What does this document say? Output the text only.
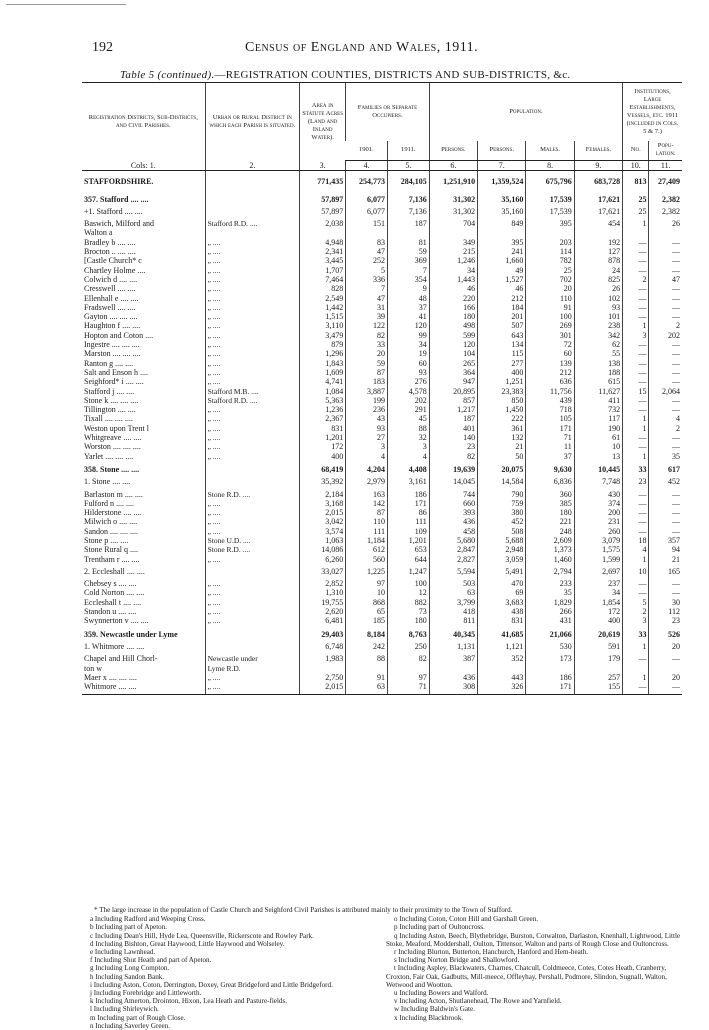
192	Census of England and Wales, 1911.
Table 5 (continued).—REGISTRATION COUNTIES, DISTRICTS AND SUB-DISTRICTS, &c.
Registration Districts, Sub-Districts, and Civil Parishes.	Urban or Rural District in which each Parish is situated.	Area in Statute Acres (Land and Inland Water).	Families or Separate Occupiers.		Population.				Institutions, Large Establishments, Vessels, etc. 1911 (included in Cols. 5 & 7.)	
			1901.	1911.	Persons.	Persons.	Males.	Females.	No.	Popu-lation.
Cols: 1.	2.	3.	4.	5.	6.	7.	8.	9.	10.	11.
STAFFORDSHIRE.		771,435	254,773	284,105	1,251,910	1,359,524	675,796	683,728	813	27,409
357. Stafford .... ....		57,897	6,077	7,136	31,302	35,160	17,539	17,621	25	2,382
+1. Stafford .... ....		57,897	6,077	7,136	31,302	35,160	17,539	17,621	25	2,382
Baswich, Milford and	Stafford R.D. ....	2,038	151	187	704	849	395	454	1	26
Walton a										
Bradley b .... ....	„ ....	4,948	83	81	349	395	203	192	—	—
Brocton .. .... ....	„ ....	2,341	47	59	215	241	114	127	—	—
[Castle Church* c	„ ....	3,445	252	369	1,246	1,660	782	878	—	—
Chartley Holme ....	„ ....	1,707	5	7	34	49	25	24	—	—
Colwich d .... ....	„ ....	7,464	336	354	1,443	1,527	702	825	2	47
Cresswell .... ....	„ ....	828	7	9	46	46	20	26	—	—
Ellenhall e .... ....	„ ....	2,549	47	48	220	212	110	102	—	—
Fradswell .... ....	„ ....	1,442	31	37	166	184	91	93	—	—
Gayton .... .... ....	„ ....	1,515	39	41	180	201	100	101	—	—
Haughton f .... ....	„ ....	3,110	122	120	498	507	269	238	1	2
Hopton and Coton ....	„ ....	3,479	82	99	599	643	301	342	3	202
Ingestre .... .... ....	„ ....	879	33	34	120	134	72	62	—	—
Marston .... .... ....	„ ....	1,296	20	19	104	115	60	55	—	—
Ranton g .... ....	„ ....	1,843	59	60	265	277	139	138	—	—
Salt and Enson h ....	„ ....	1,609	87	93	364	400	212	188	—	—
Seighford* i .... ....	„ ....	4,741	183	276	947	1,251	636	615	—	—
Stafford j .... ....	Stafford M.B. ....	1,084	3,887	4,578	20,895	23,383	11,756	11,627	15	2,064
Stone k .... .... ....	Stafford R.D. ....	5,363	199	202	857	850	439	411	—	—
Tillington .... ....	„ ....	1,236	236	291	1,217	1,450	718	732	—	—
Tixall .... .... ....	„ ....	2,367	43	45	187	222	105	117	1	4
Weston upon Trent l	„ ....	831	93	88	401	361	171	190	1	2
Whitgreave .... ....	„ ....	1,201	27	32	140	132	71	61	—	—
Worston .... .... ....	„ ....	172	3	3	23	21	11	10	—	—
Yarlet .... .... ....	„ ....	400	4	4	82	50	37	13	1	35
358. Stone .... ....		68,419	4,204	4,408	19,639	20,075	9,630	10,445	33	617
1. Stone .... ....		35,392	2,979	3,161	14,045	14,584	6,836	7,748	23	452
Barlaston m .... ....	Stone R.D. ....	2,184	163	186	744	790	360	430	—	—
Fulford n .... ....	„ ....	3,168	142	171	660	759	385	374	—	—
Hilderstone .... ....	„ ....	2,015	87	86	393	380	180	200	—	—
Milwich o .... ....	„ ....	3,042	110	111	436	452	221	231	—	—
Sandon .... .... ....	„ ....	3,574	111	109	458	508	248	260	—	—
Stone p .... ....	Stone U.D. ....	1,063	1,184	1,201	5,680	5,688	2,609	3,079	18	357
Stone Rural q ....	Stone R.D. ....	14,086	612	653	2,847	2,948	1,373	1,575	4	94
Trentham r .... ....	„ ....	6,260	560	644	2,827	3,059	1,460	1,599	1	21
2. Eccleshall .... ....		33,027	1,225	1,247	5,594	5,491	2,794	2,697	10	165
Chebsey s .... ....	„ ....	2,852	97	100	503	470	233	237	—	—
Cold Norton .... ....	„ ....	1,310	10	12	63	69	35	34	—	—
Eccleshall t .... ....	„ ....	19,755	868	882	3,799	3,683	1,829	1,854	5	30
Standon u .... ....	„ ....	2,620	65	73	418	438	266	172	2	112
Swynnerton v .... ....	„ ....	6,481	185	180	811	831	431	400	3	23
359. Newcastle under Lyme		29,403	8,184	8,763	40,345	41,685	21,066	20,619	33	526
1. Whitmore .... ....		6,748	242	250	1,131	1,121	530	591	1	20
Chapel and Hill Chorl-	Newcastle under	1,983	88	82	387	352	173	179	—	—
ton w	Lyme R.D.									
Maer x .... .... ....	„ ....	2,750	91	97	436	443	186	257	1	20
Whitmore .... ....	„ ....	2,015	63	71	308	326	171	155	—	—

* The large increase in the population of Castle Church and Seighford Civil Parishes is attributed mainly to their proximity to the Town of Stafford.

a Including Radford and Weeping Cross.

b Including part of Apeton.

c Including Dean's Hill, Hyde Lea, Queensville, Rickerscote and Rowley Park.

d Including Bishton, Great Haywood, Little Haywood and Wolseley.

e Including Lawnhead.

f Including Shut Heath and part of Apeton.

g Including Long Compton.

h Including Sandon Bank.

i Including Aston, Coton, Derrington, Doxey, Great Bridgeford and Little Bridgeford.

j Including Forebridge and Littleworth.

k Including Amerton, Drointon, Hixon, Lea Heath and Pasture-fields.

l Including Shirleywich.

m Including part of Rough Close.

n Including Saverley Green.

o Including Coton, Coton Hill and Garshall Green.

p Including part of Oultoncross.

q Including Aston, Beech, Blythebridge, Burston, Cotwalton, Darlaston, Knenhall, Lightwood, Little Stoke, Meaford, Moddershall, Oulton, Tittensor, Walton and parts of Rough Close and Oultoncross.

r Including Blurton, Butterton, Hanchurch, Hanford and Hem-heath.

s Including Norton Bridge and Shallowford.

t Including Aspley, Blackwaters, Charnes, Chatcull, Coldmeece, Cotes, Cotes Heath, Cranberry, Croxton, Fair Oak, Gadbutts, Mill-meece, Offleyhay, Pershall, Podmore, Slindon, Sugnall, Walton, Wetwood and Wootton.

u Including Bowers and Walford.

v Including Acton, Shutlanehead, The Rowe and Yarnfield.

w Including Baldwin's Gate.

x Including Blackbrook.
